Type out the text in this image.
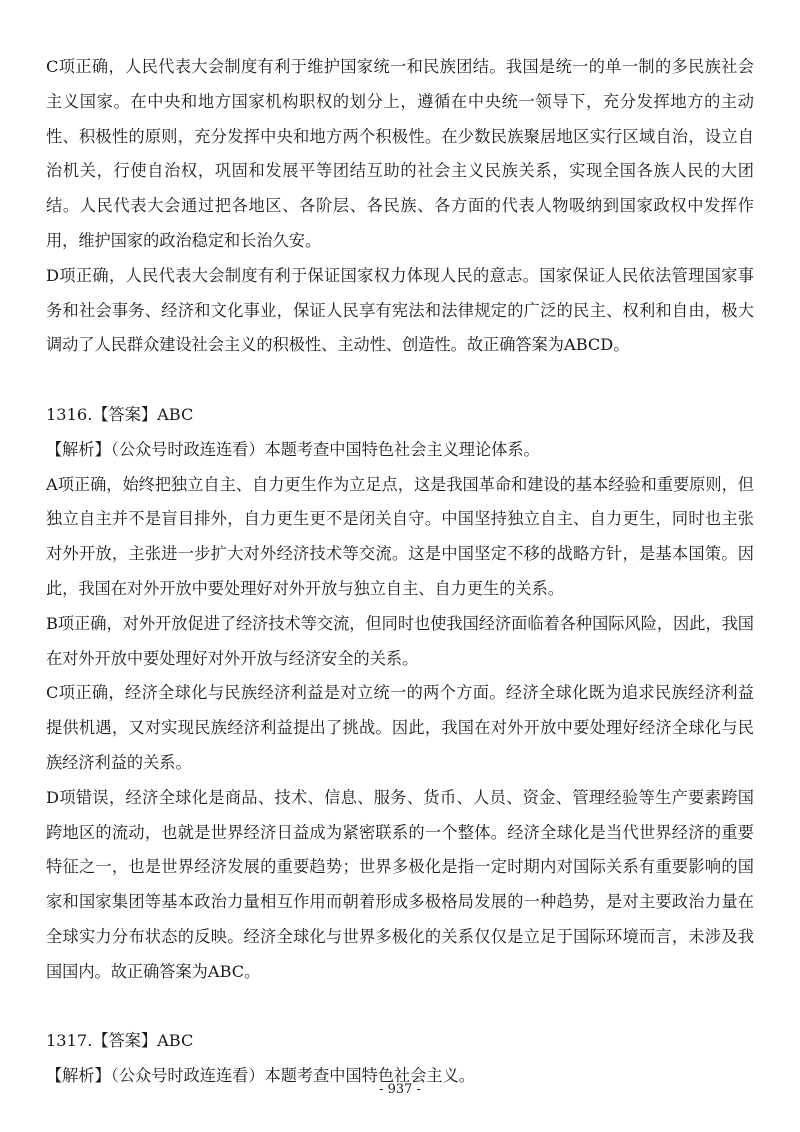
C项正确，人民代表大会制度有利于维护国家统一和民族团结。我国是统一的单一制的多民族社会主义国家。在中央和地方国家机构职权的划分上，遵循在中央统一领导下，充分发挥地方的主动性、积极性的原则，充分发挥中央和地方两个积极性。在少数民族聚居地区实行区域自治，设立自治机关，行使自治权，巩固和发展平等团结互助的社会主义民族关系，实现全国各族人民的大团结。人民代表大会通过把各地区、各阶层、各民族、各方面的代表人物吸纳到国家政权中发挥作用，维护国家的政治稳定和长治久安。

D项正确，人民代表大会制度有利于保证国家权力体现人民的意志。国家保证人民依法管理国家事务和社会事务、经济和文化事业，保证人民享有宪法和法律规定的广泛的民主、权利和自由，极大调动了人民群众建设社会主义的积极性、主动性、创造性。故正确答案为ABCD。

1316.【答案】ABC

【解析】（公众号时政连连看）本题考查中国特色社会主义理论体系。

A项正确，始终把独立自主、自力更生作为立足点，这是我国革命和建设的基本经验和重要原则，但独立自主并不是盲目排外，自力更生更不是闭关自守。中国坚持独立自主、自力更生，同时也主张对外开放，主张进一步扩大对外经济技术等交流。这是中国坚定不移的战略方针，是基本国策。因此，我国在对外开放中要处理好对外开放与独立自主、自力更生的关系。

B项正确，对外开放促进了经济技术等交流，但同时也使我国经济面临着各种国际风险，因此，我国在对外开放中要处理好对外开放与经济安全的关系。

C项正确，经济全球化与民族经济利益是对立统一的两个方面。经济全球化既为追求民族经济利益提供机遇，又对实现民族经济利益提出了挑战。因此，我国在对外开放中要处理好经济全球化与民族经济利益的关系。

D项错误，经济全球化是商品、技术、信息、服务、货币、人员、资金、管理经验等生产要素跨国跨地区的流动，也就是世界经济日益成为紧密联系的一个整体。经济全球化是当代世界经济的重要特征之一，也是世界经济发展的重要趋势；世界多极化是指一定时期内对国际关系有重要影响的国家和国家集团等基本政治力量相互作用而朝着形成多极格局发展的一种趋势，是对主要政治力量在全球实力分布状态的反映。经济全球化与世界多极化的关系仅仅是立足于国际环境而言，未涉及我国国内。故正确答案为ABC。

1317.【答案】ABC

【解析】（公众号时政连连看）本题考查中国特色社会主义。

- 937 -
